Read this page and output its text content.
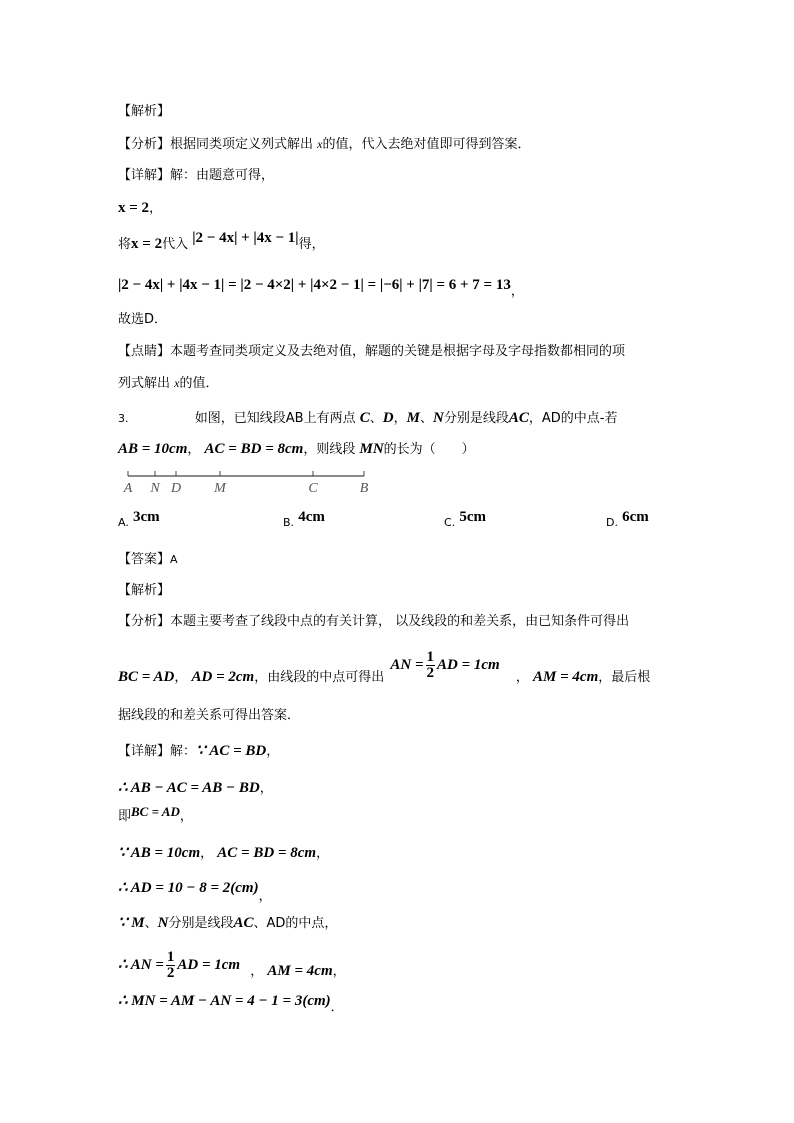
【解析】
【分析】根据同类项定义列式解出 x的值，代入去绝对值即可得到答案．
【详解】解：由题意可得，
x = 2，
将x = 2代入 |2 − 4x| + |4x − 1|得，
|2 − 4x| + |4x − 1| = |2 − 4×2| + |4×2 − 1| = |−6| + |7| = 6 + 7 = 13，
故选D．
【点睛】本题考查同类项定义及去绝对值，解题的关键是根据字母及字母指数都相同的项
列式解出 x的值．
3.	如图，已知线段AB上有两点 C、D，M、N分别是线段AC，AD的中点-若
AB = 10cm， AC = BD = 8cm，则线段 MN的长为（　　）
A N D M	C	B
A. 3cm	B. 4cm	C. 5cm	D. 6cm
【答案】A
【解析】
【分析】本题主要考查了线段中点的有关计算， 以及线段的和差关系，由已知条件可得出
BC = AD， AD = 2cm，由线段的中点可得出 AN = $\frac{1}{2}$ AD = 1cm ， AM = 4cm，最后根
据线段的和差关系可得出答案．
【详解】解：∵ AC = BD，
∴ AB − AC = AB − BD，
即BC = AD，
∵ AB = 10cm， AC = BD = 8cm，
∴ AD = 10 − 8 = 2(cm)，
∵ M、N分别是线段AC、AD的中点，
∴ AN = $\frac{1}{2}$ AD = 1cm ， AM = 4cm，
∴ MN = AM − AN = 4 − 1 = 3(cm)．
